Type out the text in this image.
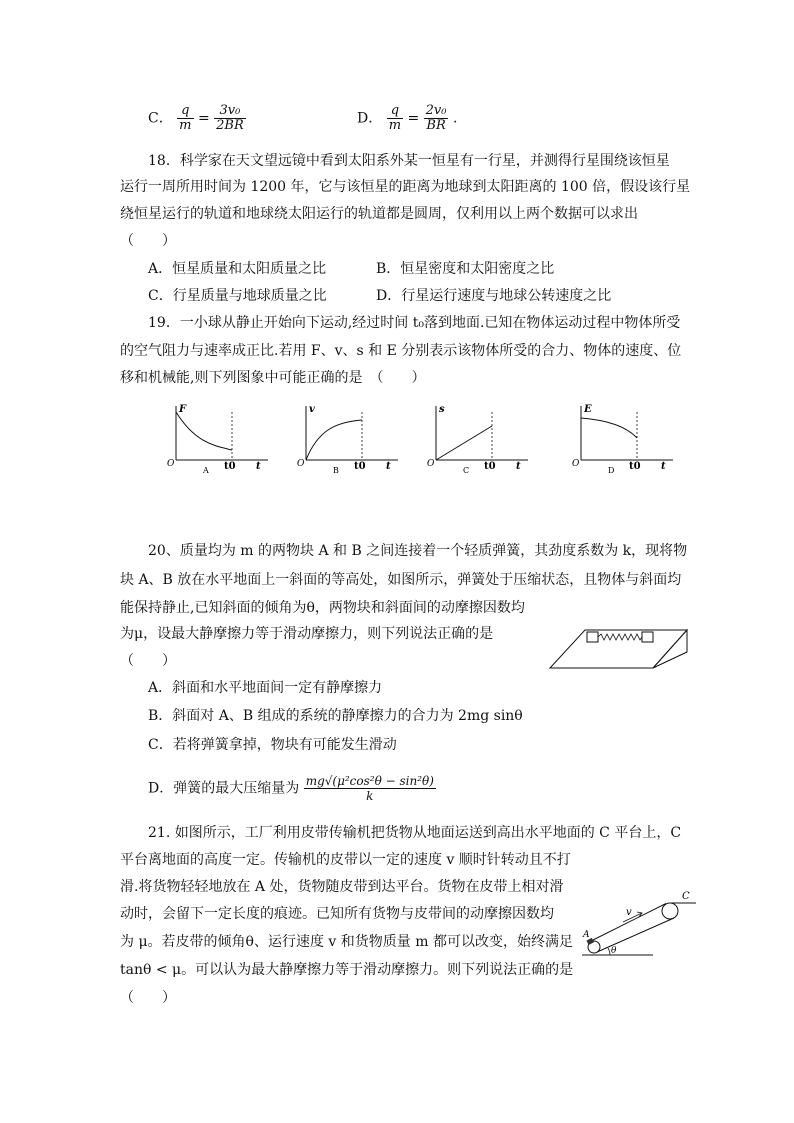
C． $\frac{q}{m} = \frac{\text{3v₀}}{2BR}$	D． $\frac{q}{m} = \frac{\text{2v₀}}{BR}$ .
18．科学家在天文望远镜中看到太阳系外某一恒星有一行星，并测得行星围绕该恒星
运行一周所用时间为 1200 年，它与该恒星的距离为地球到太阳距离的 100 倍，假设该行星
绕恒星运行的轨道和地球绕太阳运行的轨道都是圆周，仅利用以上两个数据可以求出
（　　）
A．恒星质量和太阳质量之比	B．恒星密度和太阳密度之比
C．行星质量与地球质量之比	D．行星运行速度与地球公转速度之比
19．一小球从静止开始向下运动,经过时间 t₀落到地面.已知在物体运动过程中物体所受
的空气阻力与速率成正比.若用 F、v、s 和 E 分别表示该物体所受的合力、物体的速度、位
移和机械能,则下列图象中可能正确的是　（　　）
F
O	t0 t
A
v
O	t0 t
B
s
O	t0 t
C
E
O	t0 t
D
20、质量均为 m 的两物块 A 和 B 之间连接着一个轻质弹簧，其劲度系数为 k，现将物
块 A、B 放在水平地面上一斜面的等高处，如图所示，弹簧处于压缩状态，且物体与斜面均
能保持静止,已知斜面的倾角为θ，两物块和斜面间的动摩擦因数均
为μ，设最大静摩擦力等于滑动摩擦力，则下列说法正确的是
（　　）
A．斜面和水平地面间一定有静摩擦力
B．斜面对 A、B 组成的系统的静摩擦力的合力为 2mg sinθ
C．若将弹簧拿掉，物块有可能发生滑动
D．弹簧的最大压缩量为 $\frac{\text{mg√(μ²cos²θ − sin²θ)}}{k}$
21. 如图所示，工厂利用皮带传输机把货物从地面运送到高出水平地面的 C 平台上，C
平台离地面的高度一定。传输机的皮带以一定的速度 v 顺时针转动且不打
滑.将货物轻轻地放在 A 处，货物随皮带到达平台。货物在皮带上相对滑
动时，会留下一定长度的痕迹。已知所有货物与皮带间的动摩擦因数均
为 μ。若皮带的倾角θ、运行速度 v 和货物质量 m 都可以改变，始终满足
tanθ < μ。可以认为最大静摩擦力等于滑动摩擦力。则下列说法正确的是
（　　）
C
v
A
θ
